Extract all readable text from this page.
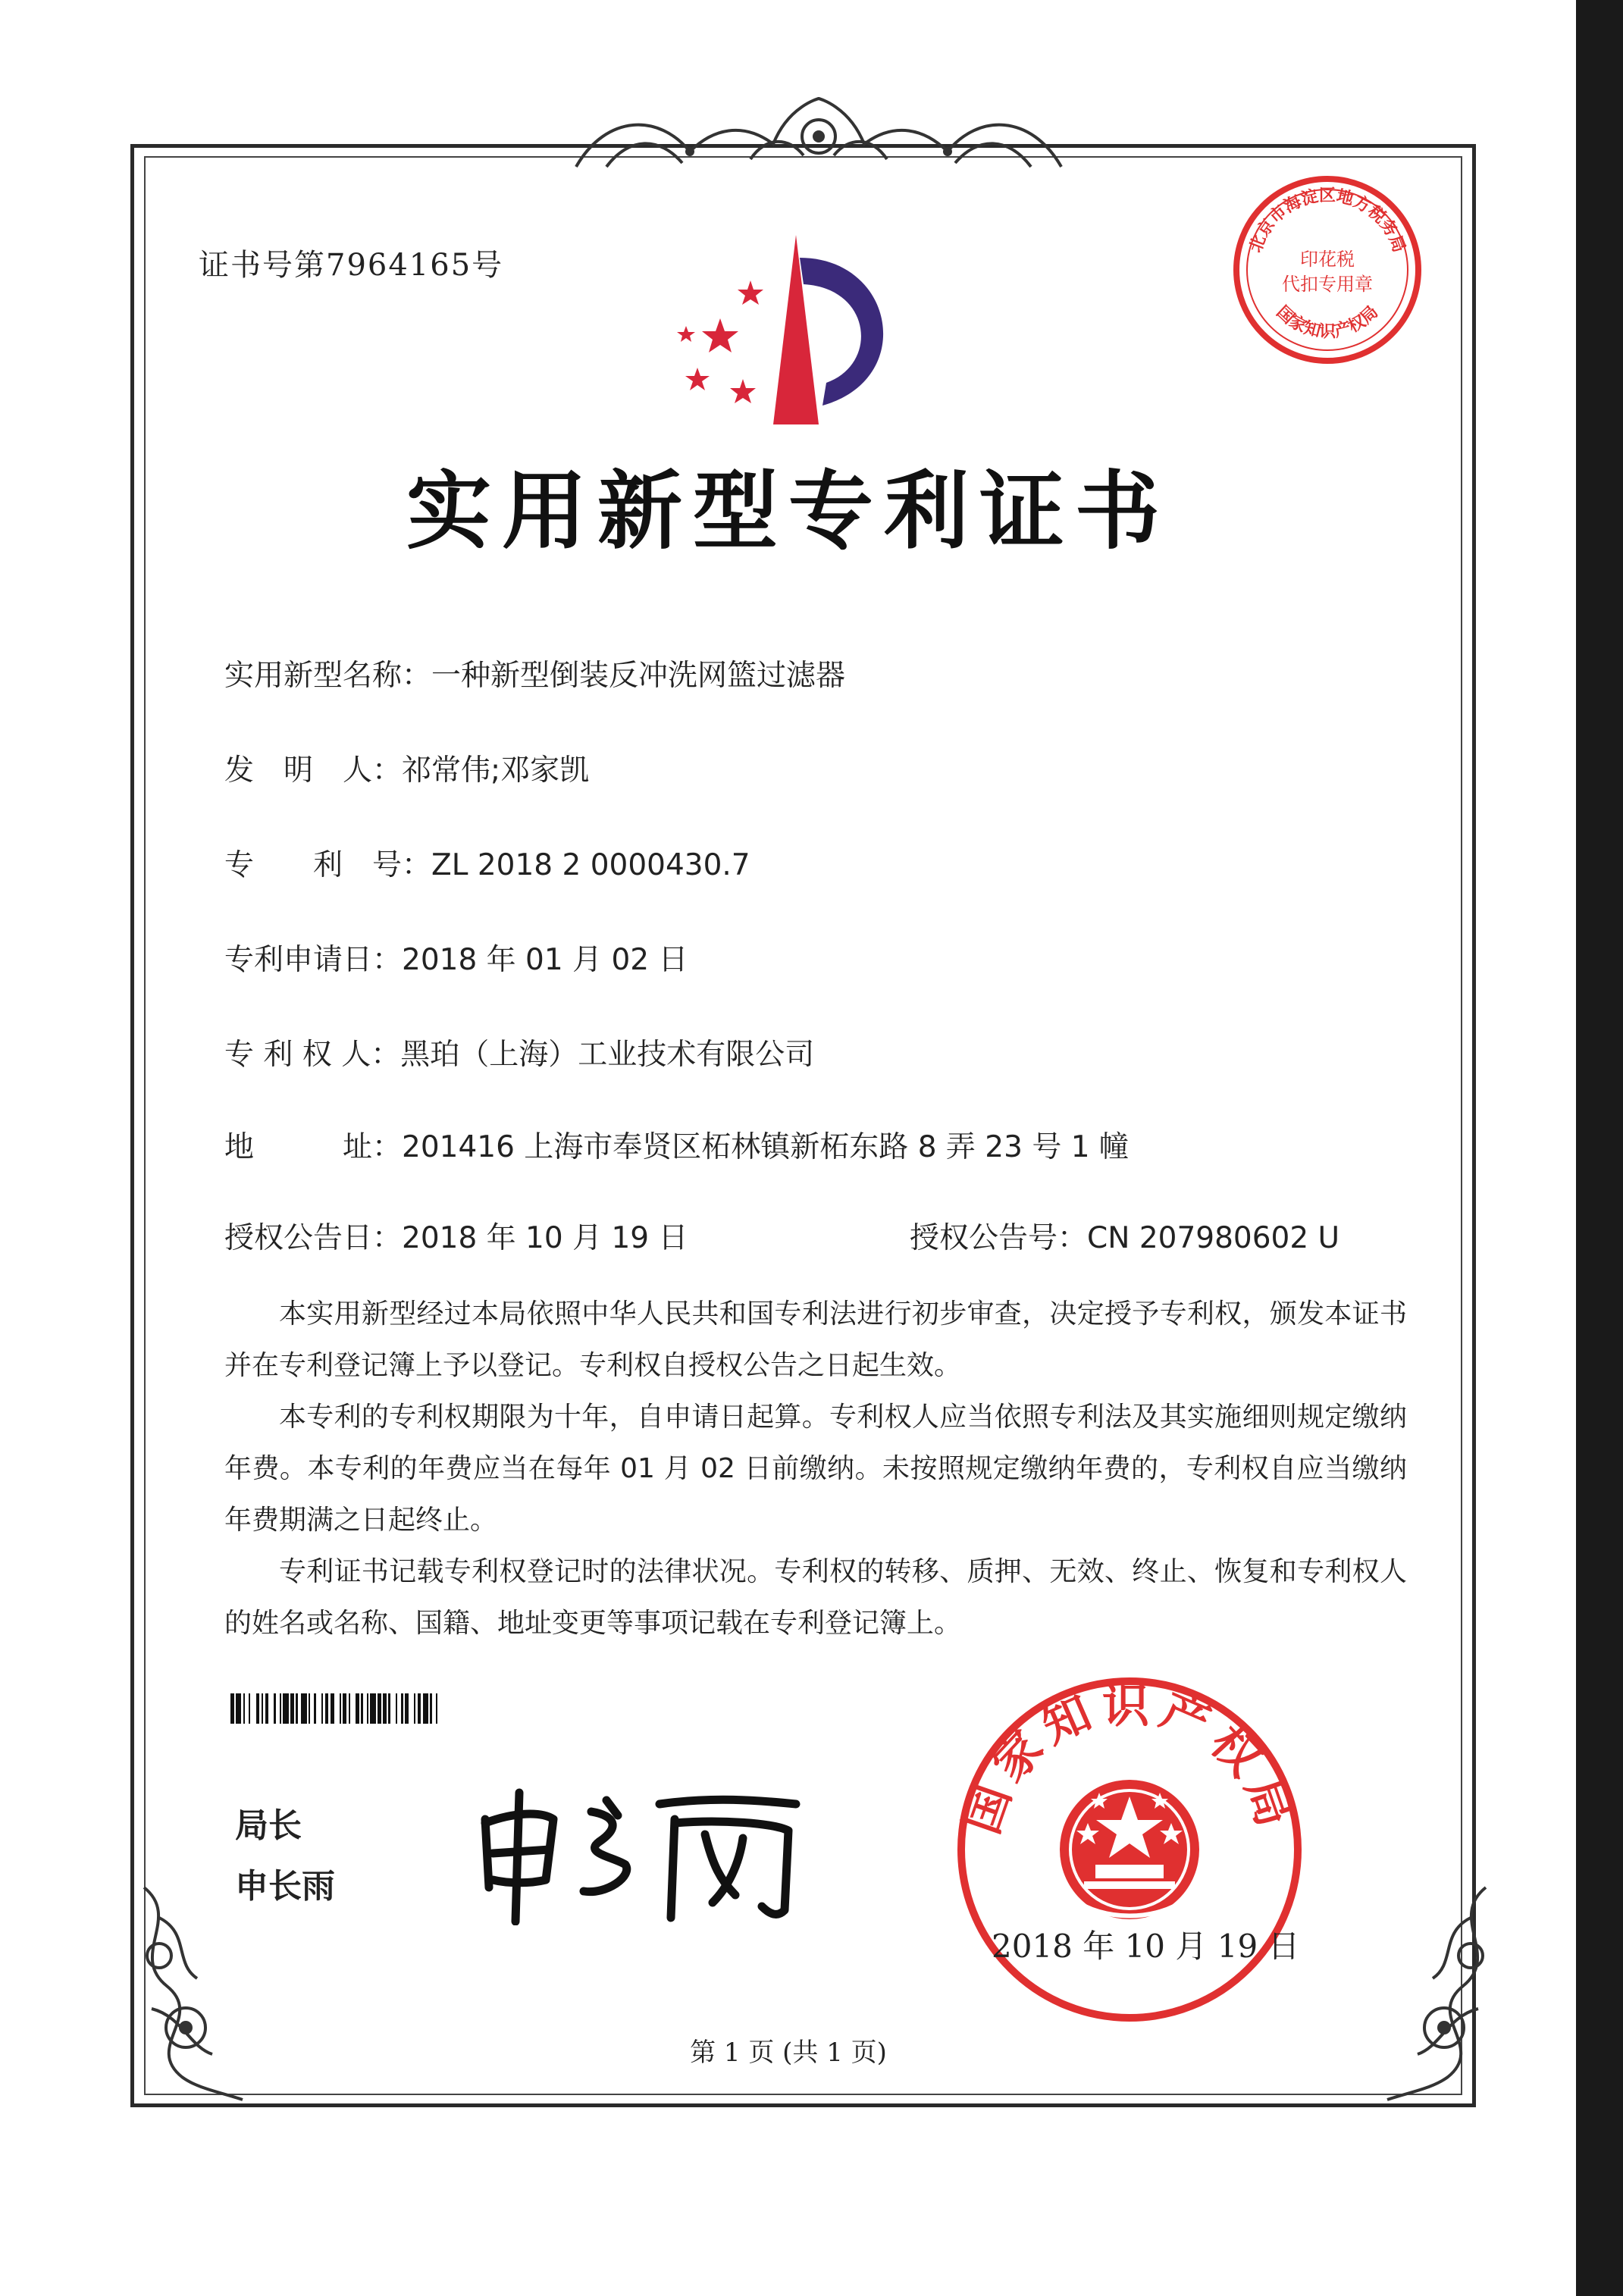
证书号第7964165号
北京市海淀区地方税务局
国家知识产权局
印花税
代扣专用章
实用新型专利证书
实用新型名称：一种新型倒装反冲洗网篮过滤器
发　明　人：祁常伟;邓家凯
专　　利　号：ZL 2018 2 0000430.7
专利申请日：2018 年 01 月 02 日
专 利 权 人：黑珀（上海）工业技术有限公司
地　　　址：201416 上海市奉贤区柘林镇新柘东路 8 弄 23 号 1 幢
授权公告日：2018 年 10 月 19 日	授权公告号：CN 207980602 U

本实用新型经过本局依照中华人民共和国专利法进行初步审查，决定授予专利权，颁发本证书并在专利登记簿上予以登记。专利权自授权公告之日起生效。

本专利的专利权期限为十年，自申请日起算。专利权人应当依照专利法及其实施细则规定缴纳年费。本专利的年费应当在每年 01 月 02 日前缴纳。未按照规定缴纳年费的，专利权自应当缴纳年费期满之日起终止。

专利证书记载专利权登记时的法律状况。专利权的转移、质押、无效、终止、恢复和专利权人的姓名或名称、国籍、地址变更等事项记载在专利登记簿上。

局长
申长雨
国家知识产权局
2018 年 10 月 19 日
第 1 页 (共 1 页)
